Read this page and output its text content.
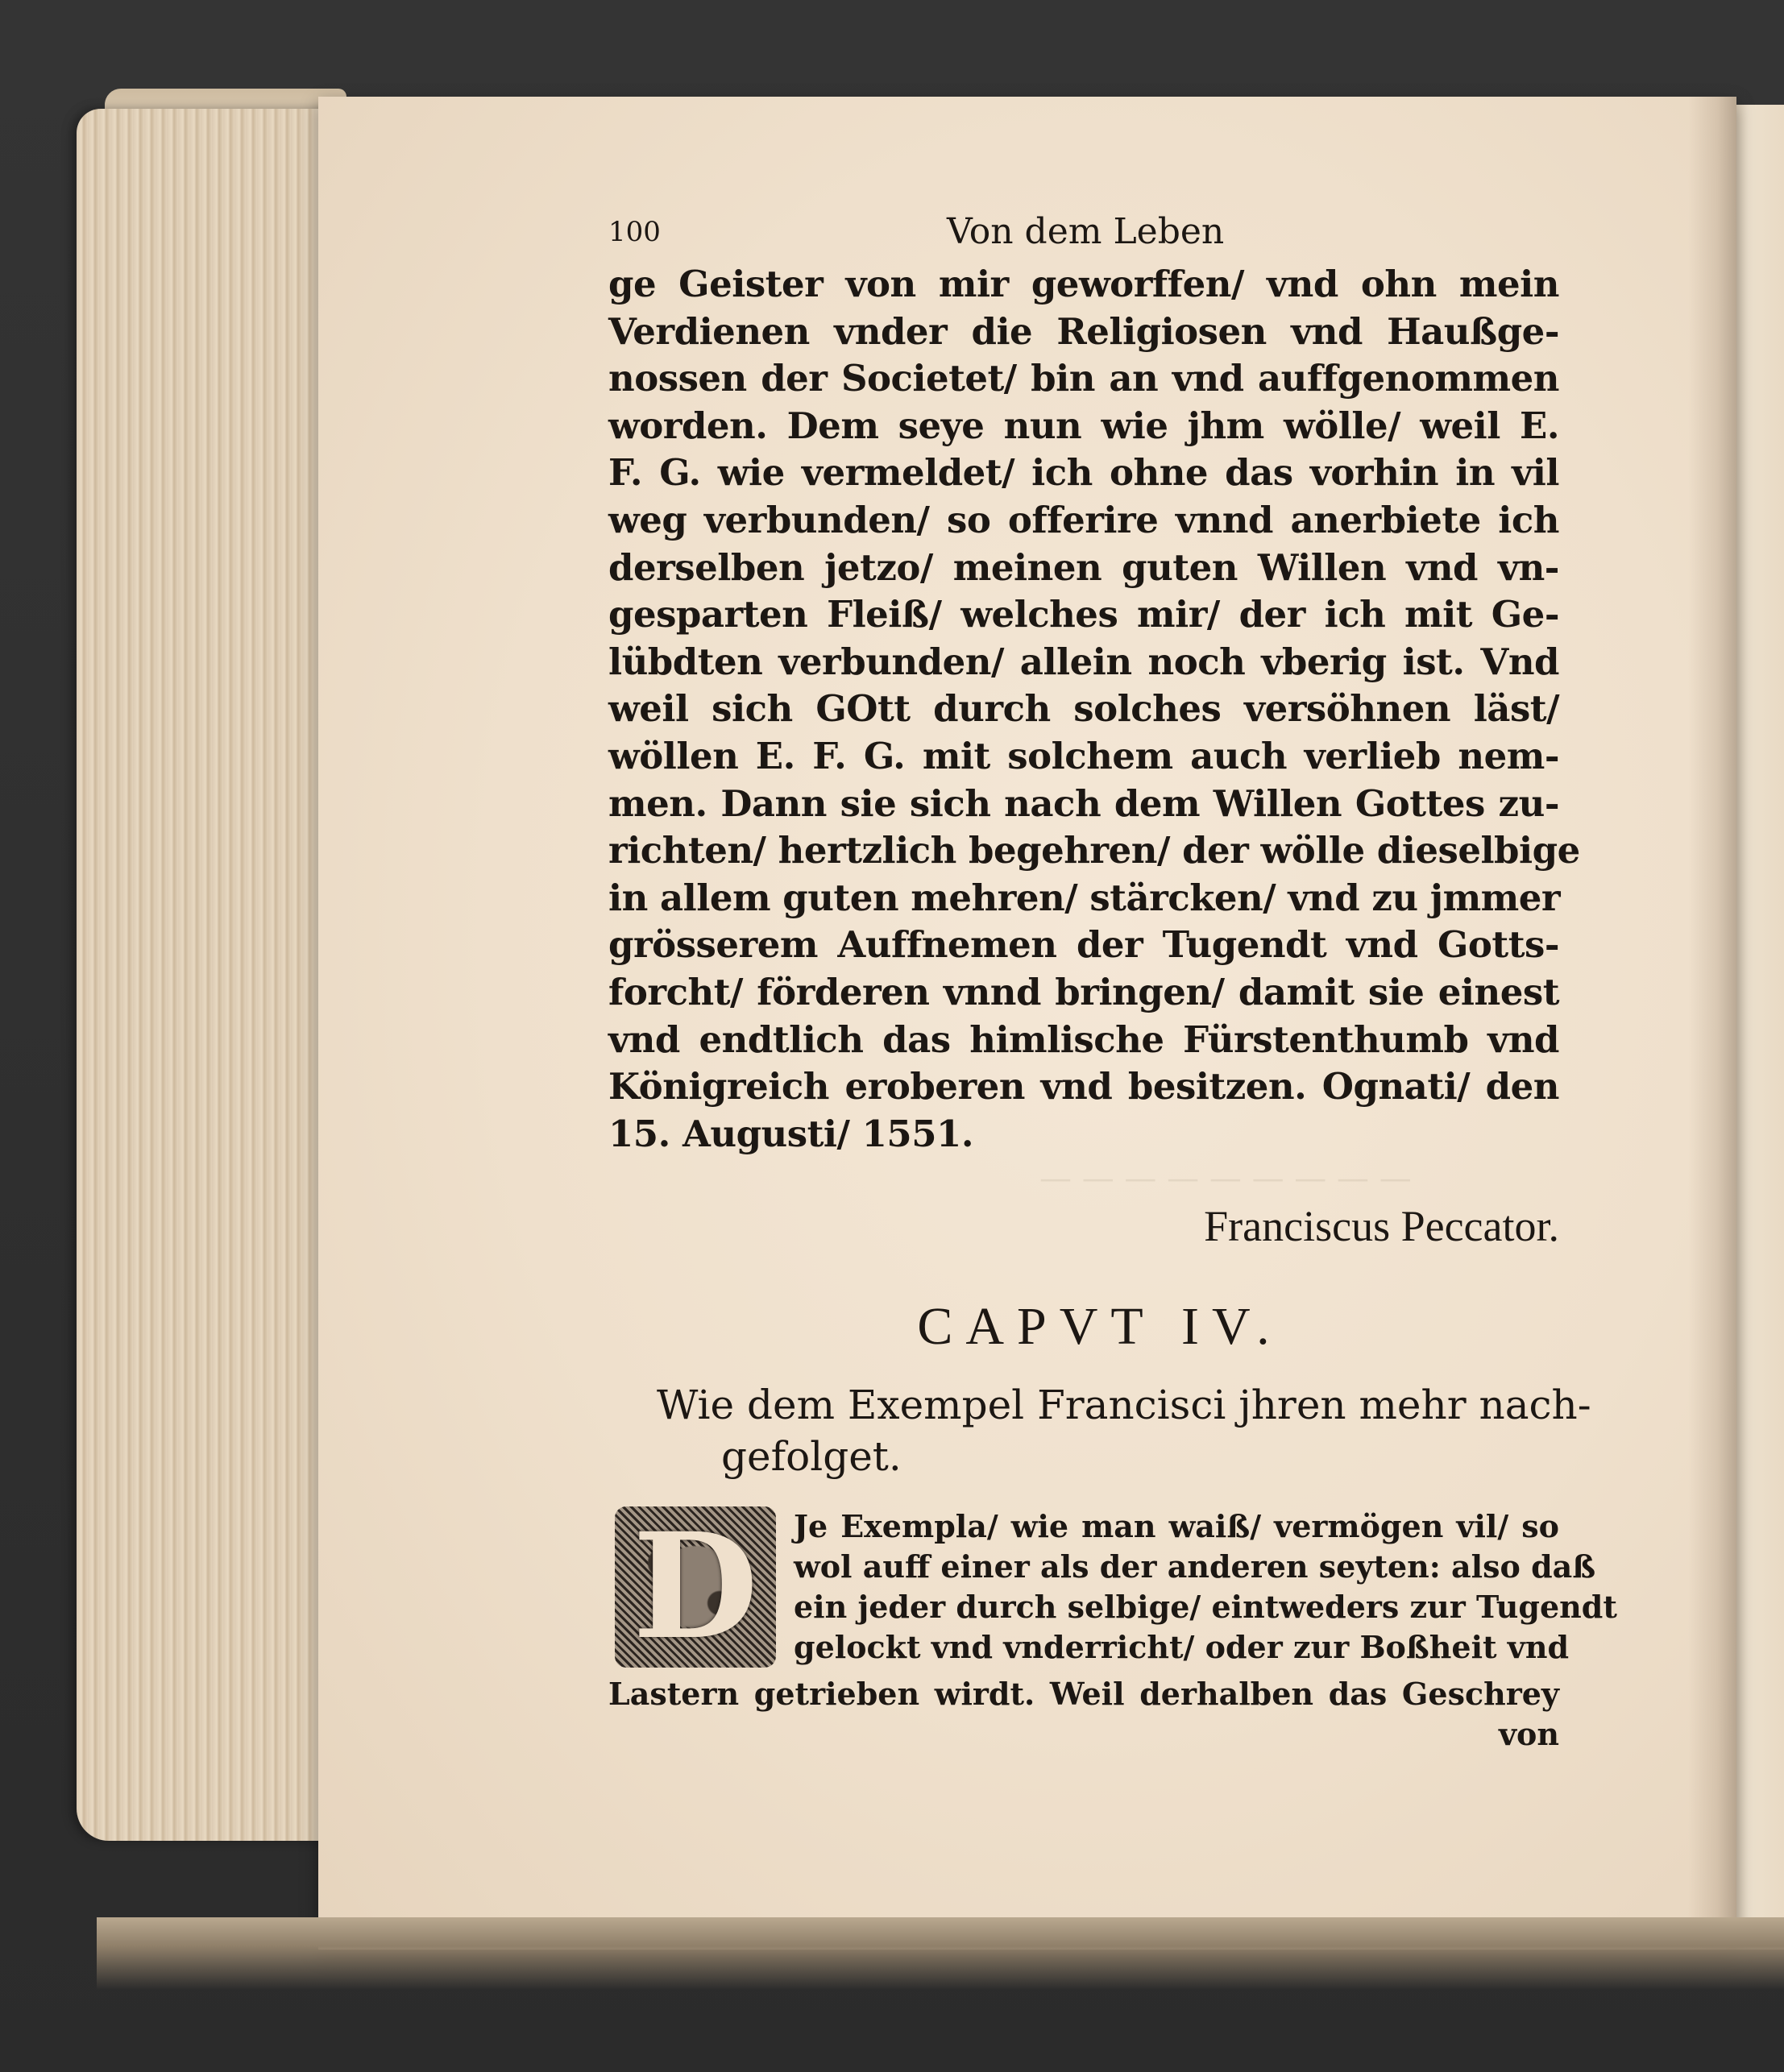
— — — — — — — — —
100	Von dem Leben
ge Geister von mir geworffen/ vnd ohn mein
Verdienen vnder die Religiosen vnd Haußge-
nossen der Societet/ bin an vnd auffgenommen
worden. Dem seye nun wie jhm wölle/ weil E.
F. G. wie vermeldet/ ich ohne das vorhin in vil
weg verbunden/ so offerire vnnd anerbiete ich
derselben jetzo/ meinen guten Willen vnd vn-
gesparten Fleiß/ welches mir/ der ich mit Ge-
lübdten verbunden/ allein noch vberig ist. Vnd
weil sich GOtt durch solches versöhnen läst/
wöllen E. F. G. mit solchem auch verlieb nem-
men. Dann sie sich nach dem Willen Gottes zu-
richten/ hertzlich begehren/ der wölle dieselbige
in allem guten mehren/ stärcken/ vnd zu jmmer
grösserem Auffnemen der Tugendt vnd Gotts-
forcht/ förderen vnnd bringen/ damit sie einest
vnd endtlich das himlische Fürstenthumb vnd
Königreich eroberen vnd besitzen. Ognati/ den
15. Augusti/ 1551.
Franciscus Peccator.
CAPVT IV.
Wie dem Exempel Francisci jhren mehr nach-
gefolget.
D	Je Exempla/ wie man waiß/ vermögen vil/ so
wol auff einer als der anderen seyten: also daß
ein jeder durch selbige/ eintweders zur Tugendt
gelockt vnd vnderricht/ oder zur Boßheit vnd
Lastern getrieben wirdt. Weil derhalben das Geschrey
von
